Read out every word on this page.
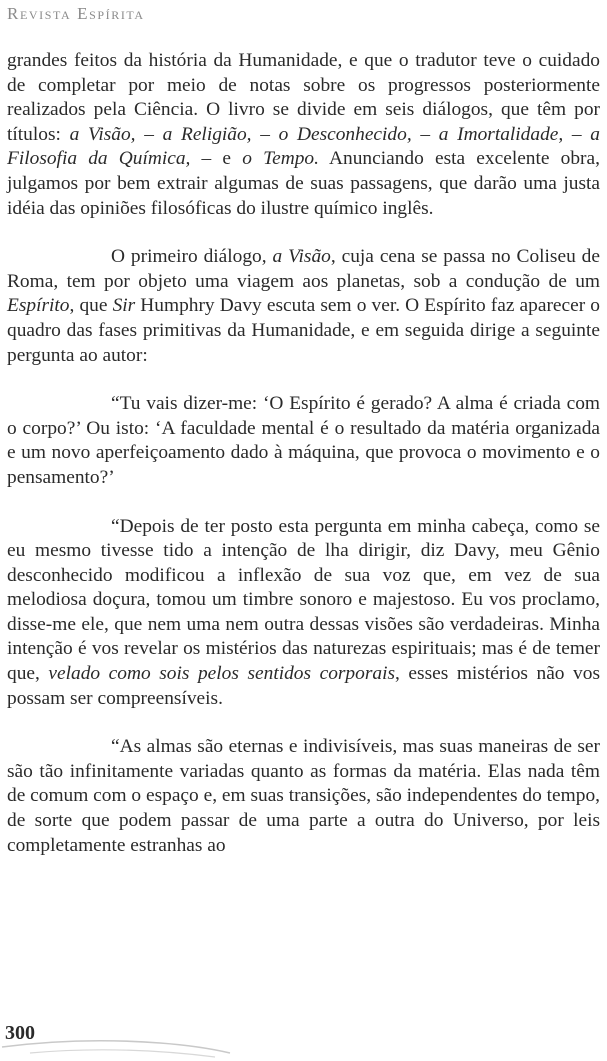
Revista Espírita

grandes feitos da história da Humanidade, e que o tradutor teve o cuidado de completar por meio de notas sobre os progressos posteriormente realizados pela Ciência. O livro se divide em seis diálogos, que têm por títulos: a Visão, – a Religião, – o Desconhecido, – a Imortalidade, – a Filosofia da Química, – e o Tempo. Anunciando esta excelente obra, julgamos por bem extrair algumas de suas passagens, que darão uma justa idéia das opiniões filosóficas do ilustre químico inglês.

O primeiro diálogo, a Visão, cuja cena se passa no Coliseu de Roma, tem por objeto uma viagem aos planetas, sob a condução de um Espírito, que Sir Humphry Davy escuta sem o ver. O Espírito faz aparecer o quadro das fases primitivas da Humanidade, e em seguida dirige a seguinte pergunta ao autor:

“Tu vais dizer-me: ‘O Espírito é gerado? A alma é criada com o corpo?’ Ou isto: ‘A faculdade mental é o resultado da matéria organizada e um novo aperfeiçoamento dado à máquina, que provoca o movimento e o pensamento?’

“Depois de ter posto esta pergunta em minha cabeça, como se eu mesmo tivesse tido a intenção de lha dirigir, diz Davy, meu Gênio desconhecido modificou a inflexão de sua voz que, em vez de sua melodiosa doçura, tomou um timbre sonoro e majestoso. Eu vos proclamo, disse-me ele, que nem uma nem outra dessas visões são verdadeiras. Minha intenção é vos revelar os mistérios das naturezas espirituais; mas é de temer que, velado como sois pelos sentidos corporais, esses mistérios não vos possam ser compreensíveis.

“As almas são eternas e indivisíveis, mas suas maneiras de ser são tão infinitamente variadas quanto as formas da matéria. Elas nada têm de comum com o espaço e, em suas transições, são independentes do tempo, de sorte que podem passar de uma parte a outra do Universo, por leis completamente estranhas ao

300
